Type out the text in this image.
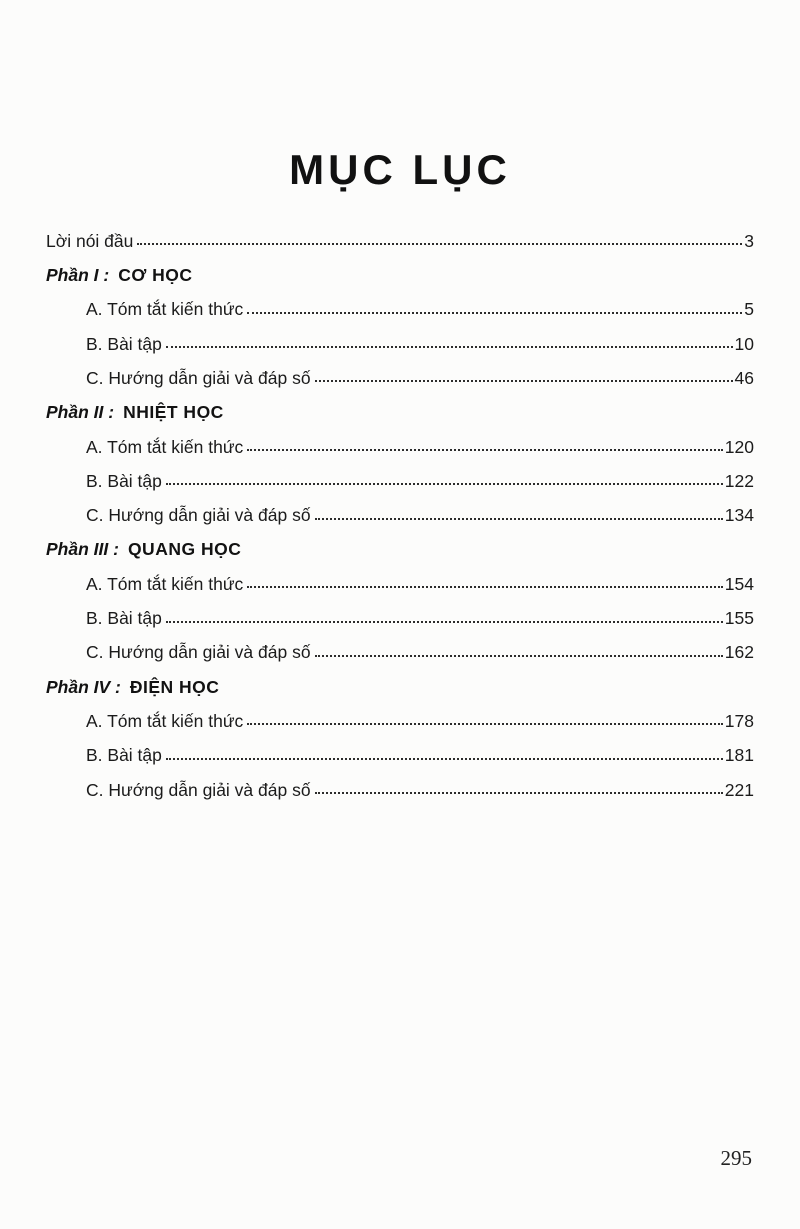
MỤC LỤC
Lời nói đầu	3
Phần I : CƠ HỌC
A. Tóm tắt kiến thức	5
B. Bài tập	10
C. Hướng dẫn giải và đáp số	46
Phần II : NHIỆT HỌC
A. Tóm tắt kiến thức	120
B. Bài tập	122
C. Hướng dẫn giải và đáp số	134
Phần III : QUANG HỌC
A. Tóm tắt kiến thức	154
B. Bài tập	155
C. Hướng dẫn giải và đáp số	162
Phần IV : ĐIỆN HỌC
A. Tóm tắt kiến thức	178
B. Bài tập	181
C. Hướng dẫn giải và đáp số	221
295
